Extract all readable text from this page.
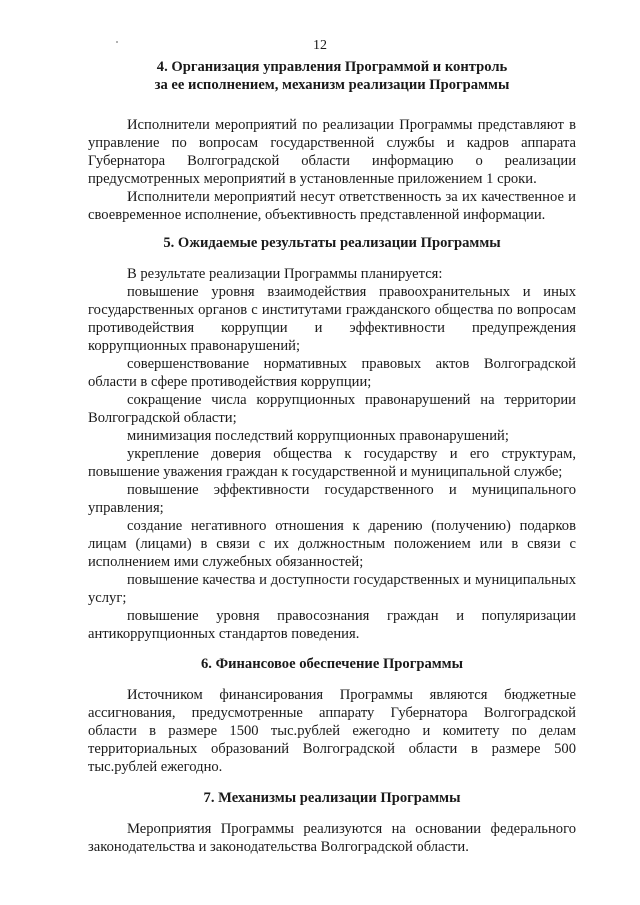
12
4. Организация управления Программой и контроль
за ее исполнением, механизм реализации Программы

Исполнители мероприятий по реализации Программы представляют в управление по вопросам государственной службы и кадров аппарата Губернатора Волгоградской области информацию о реализации предусмотренных мероприятий в установленные приложением 1 сроки.

Исполнители мероприятий несут ответственность за их качественное и своевременное исполнение, объективность представленной информации.

5. Ожидаемые результаты реализации Программы

В результате реализации Программы планируется:

повышение уровня взаимодействия правоохранительных и иных государственных органов с институтами гражданского общества по вопросам противодействия коррупции и эффективности предупреждения коррупционных правонарушений;

совершенствование нормативных правовых актов Волгоградской области в сфере противодействия коррупции;

сокращение числа коррупционных правонарушений на территории Волгоградской области;

минимизация последствий коррупционных правонарушений;

укрепление доверия общества к государству и его структурам, повышение уважения граждан к государственной и муниципальной службе;

повышение эффективности государственного и муниципального управления;

создание негативного отношения к дарению (получению) подарков лицам (лицами) в связи с их должностным положением или в связи с исполнением ими служебных обязанностей;

повышение качества и доступности государственных и муниципальных услуг;

повышение уровня правосознания граждан и популяризации антикоррупционных стандартов поведения.

6. Финансовое обеспечение Программы

Источником финансирования Программы являются бюджетные ассигнования, предусмотренные аппарату Губернатора Волгоградской области в размере 1500 тыс.рублей ежегодно и комитету по делам территориальных образований Волгоградской области в размере 500 тыс.рублей ежегодно.

7. Механизмы реализации Программы

Мероприятия Программы реализуются на основании федерального законодательства и законодательства Волгоградской области.
